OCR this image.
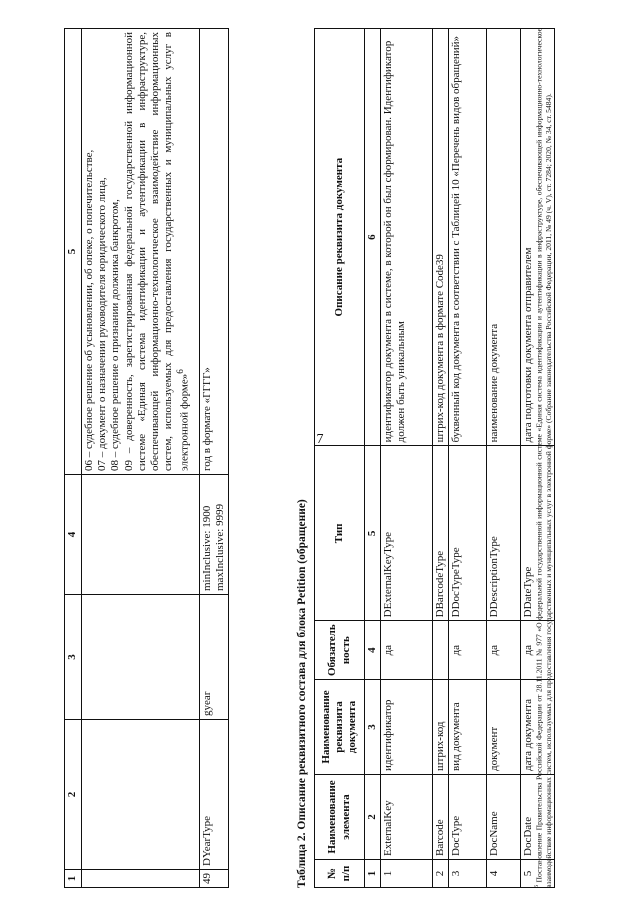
7
1	2	3	4	5

				06 – судебное решение об усыновлении, об опеке, о попечительстве, 07 – документ о назначении руководителя юридического лица, 08 – судебное решение о признании должника банкротом, 09 – доверенность, зарегистрированная федеральной государственной информационной системе «Единая система идентификации и аутентификации в инфраструктуре, обеспечивающей информационно-технологическое взаимодействие информационных систем, используемых для предоставления государственных и муниципальных услуг в электронной форме»$^6$

49	DYearType	gyear	minInclusive: 1900 maxInclusive: 9999	год в формате «ГГГГ»
Таблица 2. Описание реквизитного состава для блока Petition (обращение) № п/п	Наименование элемента	Наименование реквизита документа	Обязатель ность	Тип	Описание реквизита документа
1	2	3	4	5	6
1	ExternalKey	идентификатор	да	DExternalKeyType	идентификатор документа в системе, в которой он был сформирован. Идентификатор должен быть уникальным
2	Barcode	штрих-код		DBarcodeType	штрих-код документа в формате Code39
3	DocType	вид документа	да	DDocTypeType	буквенный код документа в соответствии с Таблицей 10 «Перечень видов обращений»
4	DocName	документ	да	DDescriptionType	наименование документа
5	DocDate	дата документа	да	DDateType	дата подготовки документа отправителем
$^6$ Постановление Правительства Российской Федерации от 28.11.2011 № 977 «О федеральной государственной информационной системе «Единая система идентификации и аутентификации в инфраструктуре, обеспечивающей информационно-технологическое взаимодействие информационных систем, используемых для предоставления государственных и муниципальных услуг в электронной форме» (Собрание законодательства Российской Федерации, 2011, № 49 (ч. V), ст. 7284; 2020, № 34, ст. 5484).
